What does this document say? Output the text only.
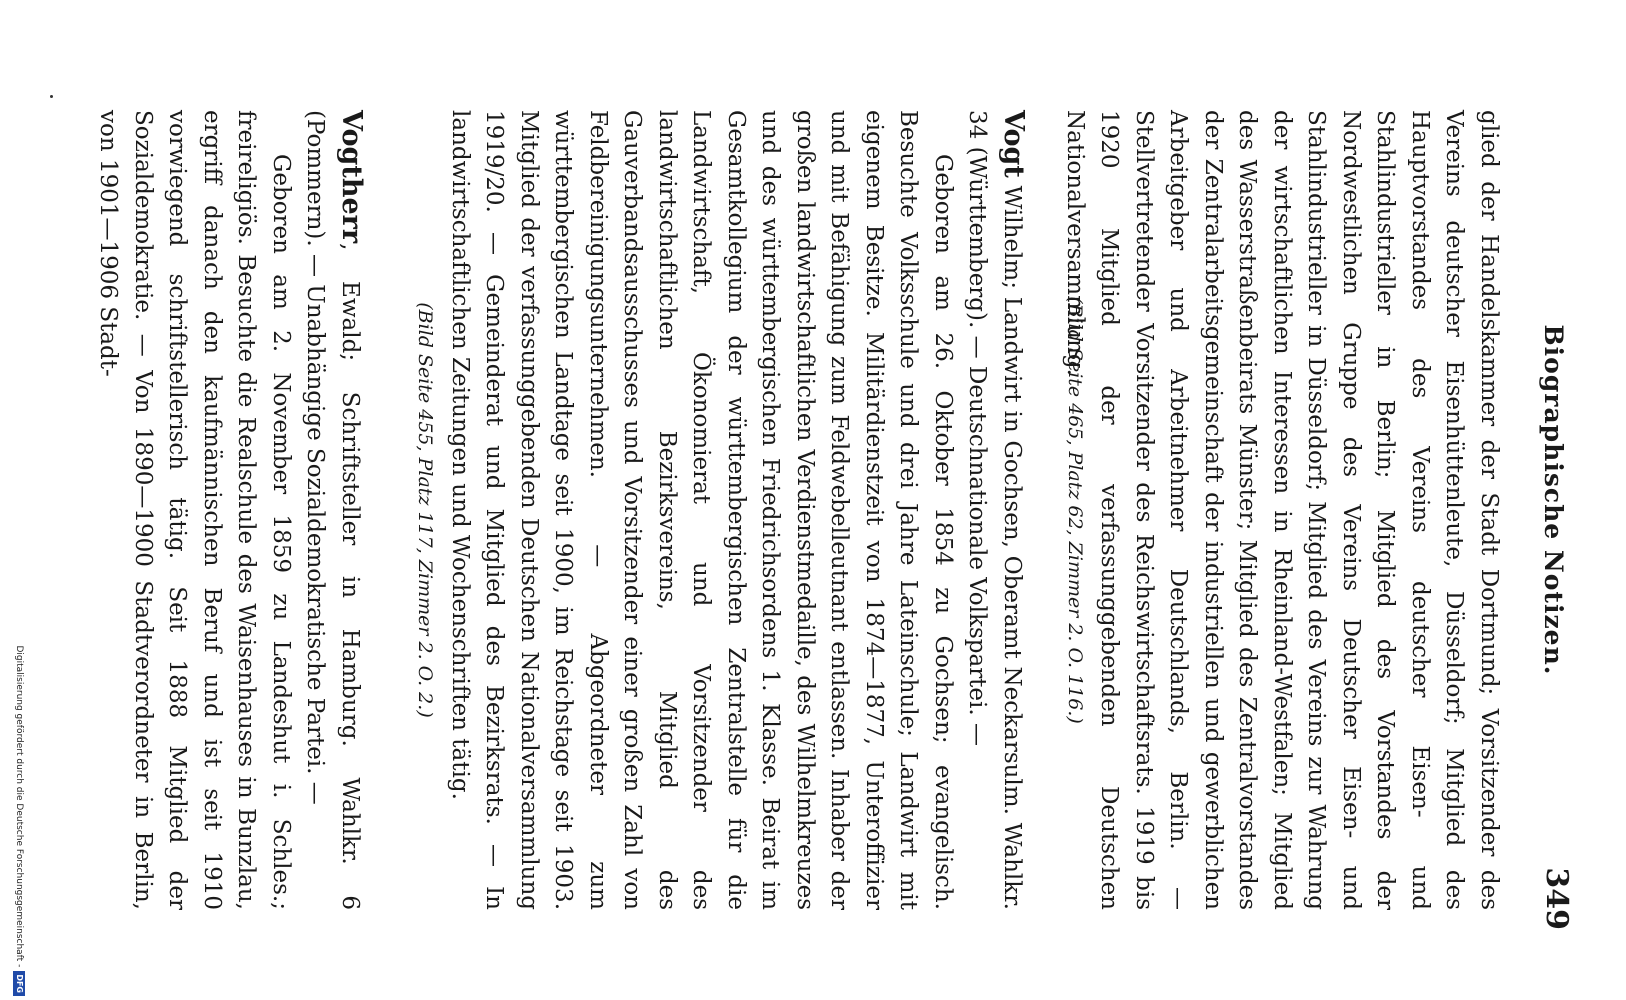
Biographische Notizen.
349

glied der Handelskammer der Stadt Dortmund; Vorsitzender des Vereins deutscher Eisenhüttenleute, Düsseldorf; Mitglied des Hauptvorstandes des Vereins deutscher Eisen- und Stahlindustrieller in Berlin; Mitglied des Vorstandes der Nordwestlichen Gruppe des Vereins Deutscher Eisen- und Stahlindustrieller in Düsseldorf; Mitglied des Vereins zur Wahrung der wirtschaftlichen Interessen in Rheinland-Westfalen; Mitglied des Wasserstraßenbeirats Münster; Mitglied des Zentralvorstandes der Zentralarbeitsgemeinschaft der industriellen und gewerblichen Arbeitgeber und Arbeitnehmer Deutschlands, Berlin. — Stellvertretender Vorsitzender des Reichswirtschaftsrats. 1919 bis 1920 Mitglied der verfassunggebenden Deutschen Nationalversammlung.

(Bild Seite 465, Platz 62, Zimmer 2. O. 116.)

Vogt Wilhelm; Landwirt in Gochsen, Oberamt Neckarsulm. Wahlkr. 34 (Württemberg). — Deutschnationale Volkspartei. —

Geboren am 26. Oktober 1854 zu Gochsen; evangelisch. Besuchte Volksschule und drei Jahre Lateinschule; Landwirt mit eigenem Besitze. Militärdienstzeit von 1874—1877, Unteroffizier und mit Befähigung zum Feldwebelleutnant entlassen. Inhaber der großen landwirtschaftlichen Verdienstmedaille, des Wilhelmkreuzes und des württembergischen Friedrichsordens 1. Klasse. Beirat im Gesamtkollegium der württembergischen Zentralstelle für die Landwirtschaft, Ökonomierat und Vorsitzender des landwirtschaftlichen Bezirksvereins, Mitglied des Gauverbandsausschusses und Vorsitzender einer großen Zahl von Feldbereinigungsunternehmen. — Abgeordneter zum württembergischen Landtage seit 1900, im Reichstage seit 1903. Mitglied der verfassunggebenden Deutschen Nationalversammlung 1919/20. — Gemeinderat und Mitglied des Bezirksrats. — In landwirtschaftlichen Zeitungen und Wochenschriften tätig.

(Bild Seite 455, Platz 117, Zimmer 2. O. 2.)

Vogtherr, Ewald; Schriftsteller in Hamburg. Wahlkr. 6 (Pommern). — Unabhängige Sozialdemokratische Partei. —

Geboren am 2. November 1859 zu Landeshut i. Schles.; freireligiös. Besuchte die Realschule des Waisenhauses in Bunzlau, ergriff danach den kaufmännischen Beruf und ist seit 1910 vorwiegend schriftstellerisch tätig. Seit 1888 Mitglied der Sozialdemokratie. — Von 1890—1900 Stadtverordneter in Berlin, von 1901—1906 Stadt-

Digitalisierung gefördert durch die Deutsche Forschungsgemeinschaft -
DFG
